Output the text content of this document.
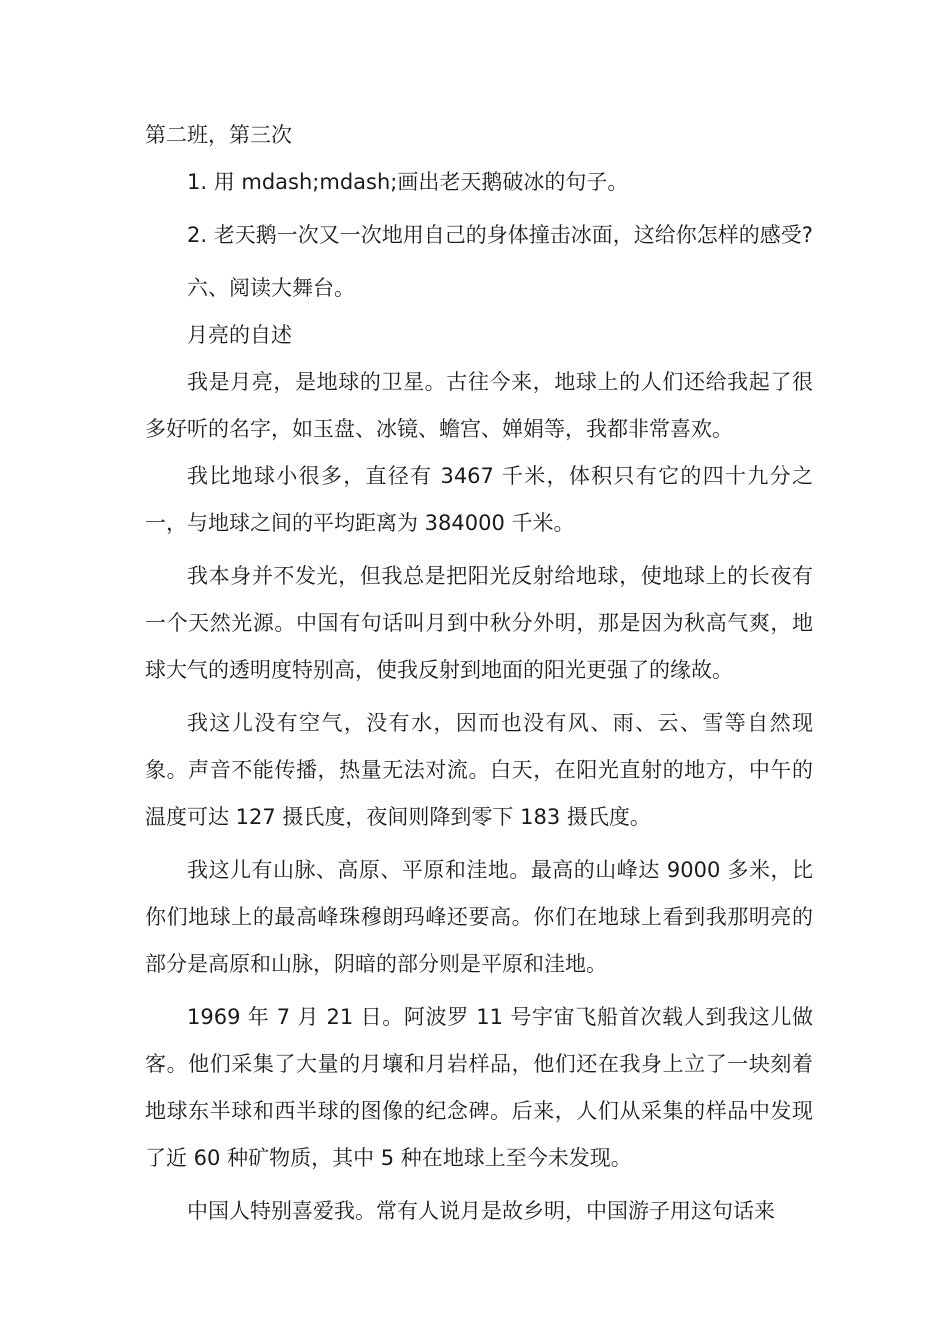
第二班，第三次

1. 用 mdash;mdash;画出老天鹅破冰的句子。

2. 老天鹅一次又一次地用自己的身体撞击冰面，这给你怎样的感受?

六、阅读大舞台。

月亮的自述

我是月亮，是地球的卫星。古往今来，地球上的人们还给我起了很多好听的名字，如玉盘、冰镜、蟾宫、婵娟等，我都非常喜欢。

我比地球小很多，直径有 3467 千米，体积只有它的四十九分之一，与地球之间的平均距离为 384000 千米。

我本身并不发光，但我总是把阳光反射给地球，使地球上的长夜有一个天然光源。中国有句话叫月到中秋分外明，那是因为秋高气爽，地球大气的透明度特别高，使我反射到地面的阳光更强了的缘故。

我这儿没有空气，没有水，因而也没有风、雨、云、雪等自然现象。声音不能传播，热量无法对流。白天，在阳光直射的地方，中午的温度可达 127 摄氏度，夜间则降到零下 183 摄氏度。

我这儿有山脉、高原、平原和洼地。最高的山峰达 9000 多米，比你们地球上的最高峰珠穆朗玛峰还要高。你们在地球上看到我那明亮的部分是高原和山脉，阴暗的部分则是平原和洼地。

1969 年 7 月 21 日。阿波罗 11 号宇宙飞船首次载人到我这儿做客。他们采集了大量的月壤和月岩样品，他们还在我身上立了一块刻着地球东半球和西半球的图像的纪念碑。后来，人们从采集的样品中发现了近 60 种矿物质，其中 5 种在地球上至今未发现。

中国人特别喜爱我。常有人说月是故乡明，中国游子用这句话来
